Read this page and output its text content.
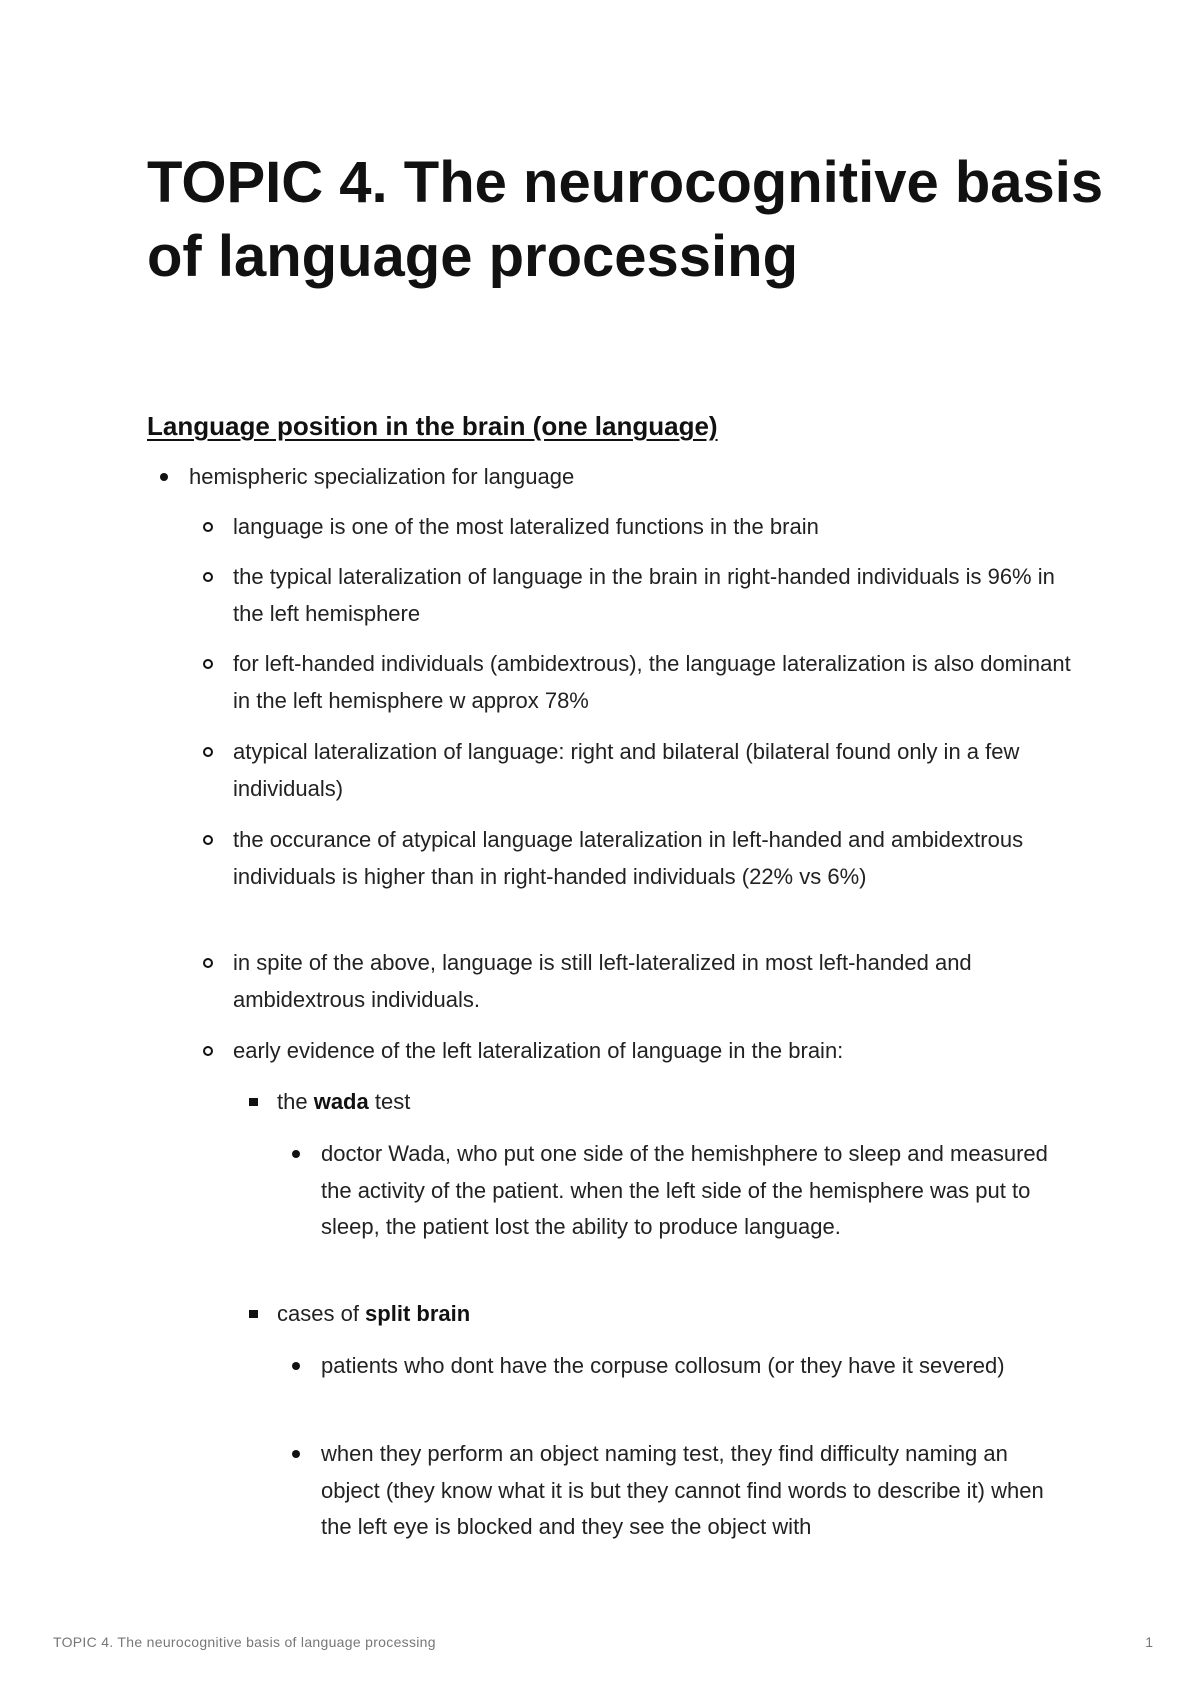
TOPIC 4. The neurocognitive basis of language processing
Language position in the brain (one language)
hemispheric specialization for language
language is one of the most lateralized functions in the brain
the typical lateralization of language in the brain in right-handed individuals is 96% in the left hemisphere
for left-handed individuals (ambidextrous), the language lateralization is also dominant in the left hemisphere w approx 78%
atypical lateralization of language: right and bilateral (bilateral found only in a few individuals)
the occurance of atypical language lateralization in left-handed and ambidextrous individuals is higher than in right-handed individuals (22% vs 6%)
in spite of the above, language is still left-lateralized in most left-handed and ambidextrous individuals.
early evidence of the left lateralization of language in the brain:
the wada test
doctor Wada, who put one side of the hemishphere to sleep and measured the activity of the patient. when the left side of the hemisphere was put to sleep, the patient lost the ability to produce language.
cases of split brain
patients who dont have the corpuse collosum (or they have it severed)
when they perform an object naming test, they find difficulty naming an object (they know what it is but they cannot find words to describe it) when the left eye is blocked and they see the object with
TOPIC 4. The neurocognitive basis of language processing	1
